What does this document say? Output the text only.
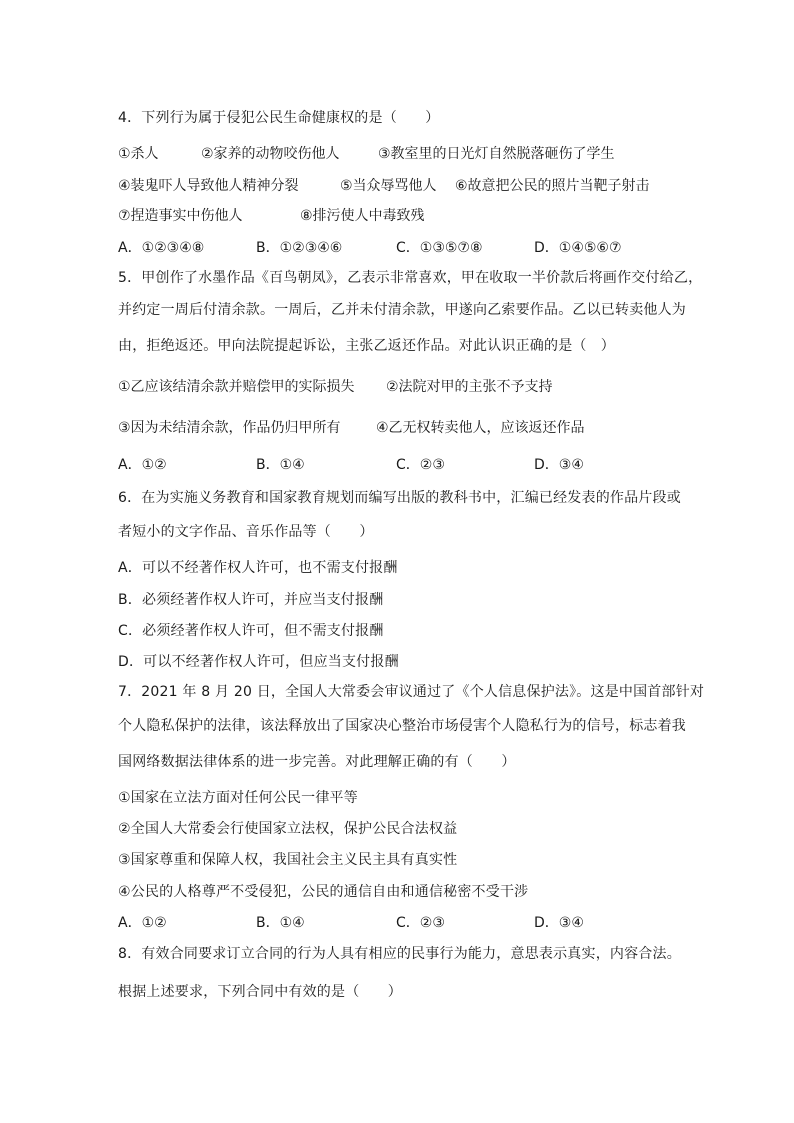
4．下列行为属于侵犯公民生命健康权的是（　　）
①杀人	②家养的动物咬伤他人	③教室里的日光灯自然脱落砸伤了学生
④装鬼吓人导致他人精神分裂	⑤当众辱骂他人 ⑥故意把公民的照片当靶子射击
⑦捏造事实中伤他人	⑧排污使人中毒致残
A．①②③④⑧	B．①②③④⑥	C．①③⑤⑦⑧	D．①④⑤⑥⑦
5．甲创作了水墨作品《百鸟朝凤》，乙表示非常喜欢，甲在收取一半价款后将画作交付给乙，
并约定一周后付清余款。一周后，乙并未付清余款，甲遂向乙索要作品。乙以已转卖他人为
由，拒绝返还。甲向法院提起诉讼，主张乙返还作品。对此认识正确的是（　）
①乙应该结清余款并赔偿甲的实际损失 ②法院对甲的主张不予支持
③因为未结清余款，作品仍归甲所有	④乙无权转卖他人，应该返还作品
A．①②	B．①④	C．②③	D．③④
6．在为实施义务教育和国家教育规划而编写出版的教科书中，汇编已经发表的作品片段或
者短小的文字作品、音乐作品等（　　）
A．可以不经著作权人许可，也不需支付报酬
B．必须经著作权人许可，并应当支付报酬
C．必须经著作权人许可，但不需支付报酬
D．可以不经著作权人许可，但应当支付报酬
7．2021 年 8 月 20 日，全国人大常委会审议通过了《个人信息保护法》。这是中国首部针对
个人隐私保护的法律，该法释放出了国家决心整治市场侵害个人隐私行为的信号，标志着我
国网络数据法律体系的进一步完善。对此理解正确的有（　　）
①国家在立法方面对任何公民一律平等
②全国人大常委会行使国家立法权，保护公民合法权益
③国家尊重和保障人权，我国社会主义民主具有真实性
④公民的人格尊严不受侵犯，公民的通信自由和通信秘密不受干涉
A．①②	B．①④	C．②③	D．③④
8．有效合同要求订立合同的行为人具有相应的民事行为能力，意思表示真实，内容合法。
根据上述要求，下列合同中有效的是（　　）
